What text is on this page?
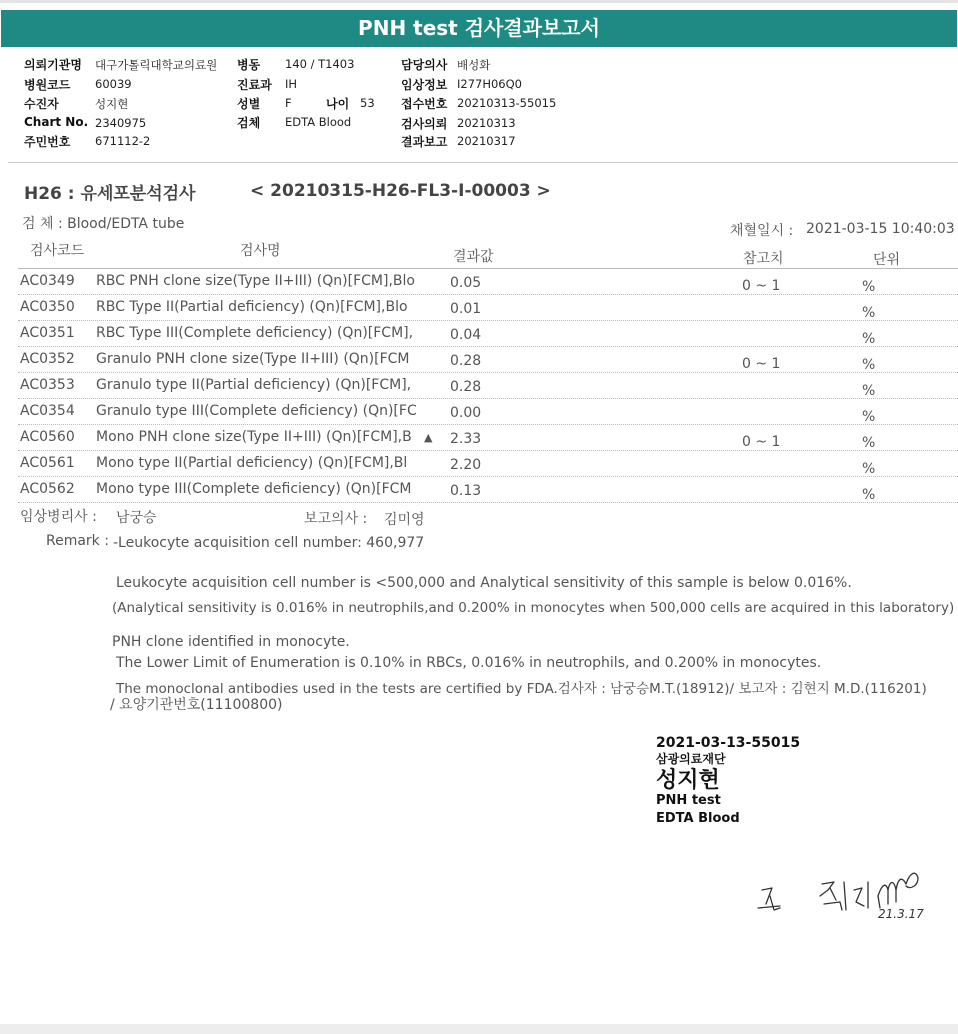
PNH test 검사결과보고서
의뢰기관명 대구가톨릭대학교의료원
병원코드 60039
수진자	성지현
Chart No. 2340975
주민번호 671112-2
병동 140 / T1403
진료과 IH
성별 F	나이 53
검체 EDTA Blood
담당의사 배성화
임상정보 I277H06Q0
접수번호 20210313-55015
검사의뢰 20210313
결과보고 20210317
H26 : 유세포분석검사	< 20210315-H26-FL3-I-00003 >
검 체 : Blood/EDTA tube	채혈일시 : 2021-03-15 10:40:03
검사코드	검사명	결과값	참고치	단위
AC0349 RBC PNH clone size(Type II+III) (Qn)[FCM],Blo	0.05	0 ~ 1	%
AC0350 RBC Type II(Partial deficiency) (Qn)[FCM],Blo	0.01	%
AC0351 RBC Type III(Complete deficiency) (Qn)[FCM],	0.04	%
AC0352 Granulo PNH clone size(Type II+III) (Qn)[FCM	0.28	0 ~ 1	%
AC0353 Granulo type II(Partial deficiency) (Qn)[FCM],	0.28	%
AC0354 Granulo type III(Complete deficiency) (Qn)[FC 0.00	%
AC0560 Mono PNH clone size(Type II+III) (Qn)[FCM],B ▲ 2.33	0 ~ 1	%
AC0561 Mono type II(Partial deficiency) (Qn)[FCM],Bl	2.20	%
AC0562 Mono type III(Complete deficiency) (Qn)[FCM	0.13	%
임상병리사 : 남궁승	보고의사 : 김미영
Remark : -Leukocyte acquisition cell number: 460,977
Leukocyte acquisition cell number is <500,000 and Analytical sensitivity of this sample is below 0.016%.
(Analytical sensitivity is 0.016% in neutrophils,and 0.200% in monocytes when 500,000 cells are acquired in this laboratory)
PNH clone identified in monocyte.
The Lower Limit of Enumeration is 0.10% in RBCs, 0.016% in neutrophils, and 0.200% in monocytes.
The monoclonal antibodies used in the tests are certified by FDA.검사자 : 남궁승M.T.(18912)/ 보고자 : 김현지 M.D.(116201)
/ 요양기관번호(11100800)
2021-03-13-55015
삼광의료재단
성지현
PNH test
EDTA Blood
21.3.17
